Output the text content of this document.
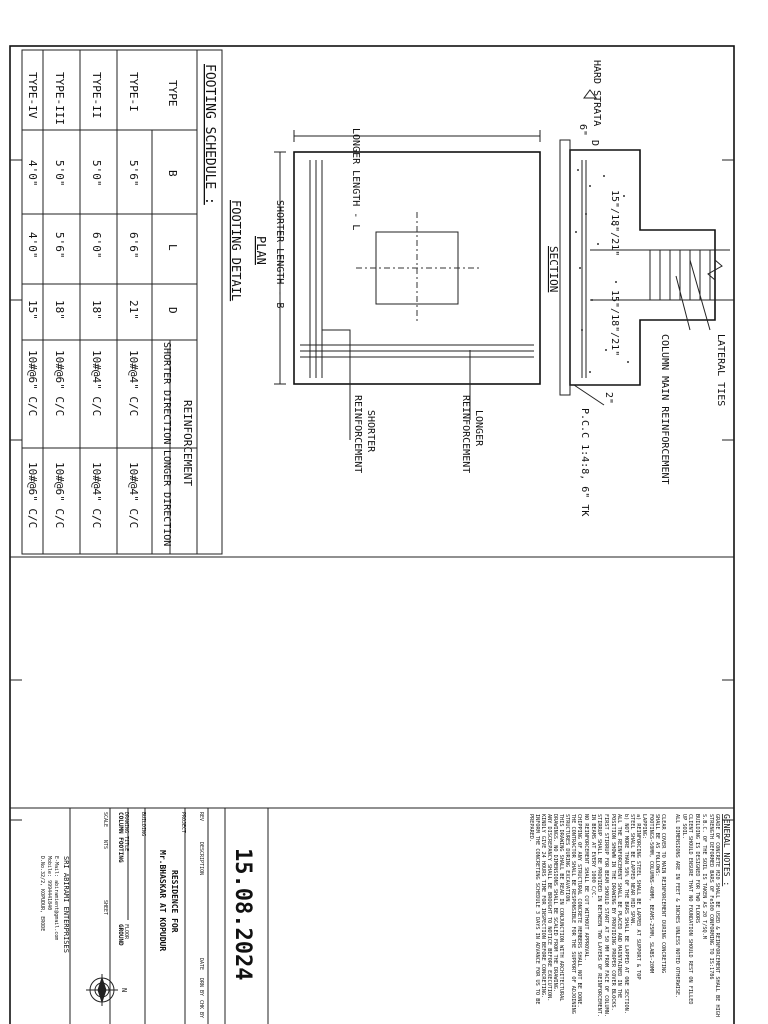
FOOTING SCHEDULE :
TYPE
B
L
D
REINFORCEMENT
SHORTER DIRECTION
LONGER DIRECTION
TYPE-I
5'6"
6'6"
21"
10#@4" C/C
10#@4" C/C
TYPE-II
5'0"
6'0"
18"
10#@4" C/C
10#@4" C/C
TYPE-III
5'0"
5'6"
18"
10#@6" C/C
10#@6" C/C
TYPE-IV
4'0"
4'0"
15"
10#@6" C/C
10#@6" C/C
FOOTING DETAIL
LONGER LENGTH - L
SHORTER LENGTH - B
PLAN
LONGER
REINFORCEMENT
SHORTER
REINFORCEMENT
HARD STRATA
6"
D
15"/18"/21"
15"/18"/21"
SECTION
LATERAL TIES
COLUMN MAIN REINFORCEMENT
2"
P.C.C 1:4:8, 6" TK
GENERAL NOTES :
GRADE OF CONCRETE M20 SHALL BE USED & REINFORCEMENT SHALL BE HIGH
STRENGTH DEFORMED BARS OF Fe500 CONFORMING TO IS:1786
S.B.C. OF THE SOIL IS TAKEN AS 20 T/SQ.M
BUILDING IS DESIGNED FOR TWO FLOORS
CLIENT SHOULD ENSURE THAT NO FOUNDATION SHOULD REST ON FILLED
UP SOIL.
ALL DIMENSIONS ARE IN FEET & INCHES UNLESS NOTED OTHERWISE.
CLEAR COVER TO MAIN REINFORCEMENT DURING CONCRETING
SHALL BE AS FOLLOWS:
FOOTINGS-50MM, COLUMNS-40MM, BEAMS-25MM, SLABS-20MM
LAPPING:
a) REINFORCING STEEL SHALL BE LAPPED AT SUPPORT & TOP
STEEL SHALL BE LAPPED NEAR MID SPAN.
b) NOT MORE THAN 50% OF THE BARS SHALL BE LAPPED AT ONE SECTION.
ALL THE REINFORCEMENT SHALL BE PLACED AND MAINTAINED IN THE
POSITION SHOWN IN THE DRAWING BY PROVIDING PROPER COVER BLOCKS.
FIRST STIRRUP FOR BEAM SHOULD START AT 50 MM FROM FACE OF COLUMN.
STIRRUP SHALL BE PROVIDED IN BETWEEN TWO LAYERS OF REINFORCEMENT.
IN BEAMS AT EVERY 1000 C/C.
NO REINFORCEMENT SHALL BE CUT WITHOUT APPROVAL.
CHIPPING OF ANY STRUCTURAL CONCRETE MEMBERS SHALL NOT BE DONE.
THE CONTRACTOR SHALL BE RESPONSIBLE FOR THE SUPPORT OF ADJOINING
STRUCTURES DURING EXCAVATION.
THIS DRAWING SHALL BE READ IN CONJUNCTION WITH ARCHITECTURAL
DRAWINGS. NO DIMENSIONS SHALL BE SCALED FROM THE DRAWING.
ANY DISCREPANCY SHALL BE BROUGHT TO NOTICE BEFORE EXECUTION.
KINDLY GIVE 24 HOURS TIME FOR INSPECTION BEFORE CONCRETING.
INFORM THE CONCRETING SCHEDULE 3 DAYS IN ADVANCE FOR US TO BE
PREPARED.
15.08.2024
REV
DESCRIPTION
DATE
DRN BY
CHK BY
PROJECT
RESIDENCE FOR
Mr.BHASKAR AT KOPUDUR
BUILDING
DRAWING TITLE
COLUMN FOOTING
FLOOR
GROUND
SCALE
NTS
SHEET
SRI ABIRAMI ENTERPRISES
E-Mail: abiramient@gmail.com
Mobile: 9994441840
D.No.32/2, KOPUDUR, ERODE
N
